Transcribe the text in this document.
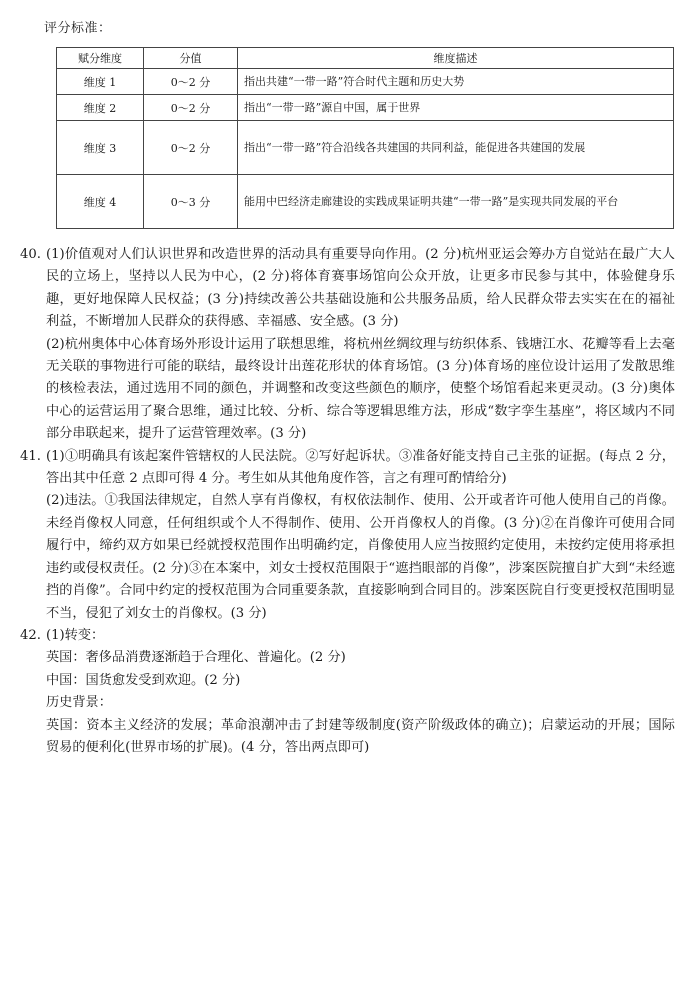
评分标准：
赋分维度	分值	维度描述
维度 1	0～2 分	指出共建“一带一路”符合时代主题和历史大势
维度 2	0～2 分	指出“一带一路”源自中国，属于世界
维度 3	0～2 分	指出“一带一路”符合沿线各共建国的共同利益，能促进各共建国的发展
维度 4	0～3 分	能用中巴经济走廊建设的实践成果证明共建“一带一路”是实现共同发展的平台
40. (1)价值观对人们认识世界和改造世界的活动具有重要导向作用。(2 分)杭州亚运会筹办方自觉站在最广大人民的立场上，坚持以人民为中心，(2 分)将体育赛事场馆向公众开放，让更多市民参与其中，体验健身乐趣，更好地保障人民权益；(3 分)持续改善公共基础设施和公共服务品质，给人民群众带去实实在在的福祉利益，不断增加人民群众的获得感、幸福感、安全感。(3 分)
(2)杭州奥体中心体育场外形设计运用了联想思维，将杭州丝绸纹理与纺织体系、钱塘江水、花瓣等看上去毫无关联的事物进行可能的联结，最终设计出莲花形状的体育场馆。(3 分)体育场的座位设计运用了发散思维的核检表法，通过选用不同的颜色，并调整和改变这些颜色的顺序，使整个场馆看起来更灵动。(3 分)奥体中心的运营运用了聚合思维，通过比较、分析、综合等逻辑思维方法，形成“数字孪生基座”，将区域内不同部分串联起来，提升了运营管理效率。(3 分)
41. (1)①明确具有该起案件管辖权的人民法院。②写好起诉状。③准备好能支持自己主张的证据。(每点 2 分，答出其中任意 2 点即可得 4 分。考生如从其他角度作答，言之有理可酌情给分)
(2)违法。①我国法律规定，自然人享有肖像权，有权依法制作、使用、公开或者许可他人使用自己的肖像。未经肖像权人同意，任何组织或个人不得制作、使用、公开肖像权人的肖像。(3 分)②在肖像许可使用合同履行中，缔约双方如果已经就授权范围作出明确约定，肖像使用人应当按照约定使用，未按约定使用将承担违约或侵权责任。(2 分)③在本案中，刘女士授权范围限于“遮挡眼部的肖像”，涉案医院擅自扩大到“未经遮挡的肖像”。合同中约定的授权范围为合同重要条款，直接影响到合同目的。涉案医院自行变更授权范围明显不当，侵犯了刘女士的肖像权。(3 分)
42. (1)转变：
英国：奢侈品消费逐渐趋于合理化、普遍化。(2 分)
中国：国货愈发受到欢迎。(2 分)
历史背景：
英国：资本主义经济的发展；革命浪潮冲击了封建等级制度(资产阶级政体的确立)；启蒙运动的开展；国际贸易的便利化(世界市场的扩展)。(4 分，答出两点即可)
